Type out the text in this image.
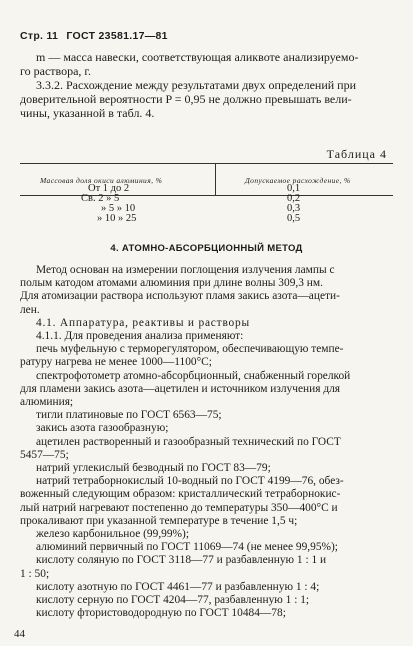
Стр. 11 ГОСТ 23581.17—81
m — масса навески, соответствующая аликвоте анализируемо-
го раствора, г.
3.3.2. Расхождение между результатами двух определений при
доверительной вероятности P = 0,95 не должно превышать вели-
чины, указанной в табл. 4.
Таблица 4
Массовая доля окиси алюминия, %	Допускаемое расхождение, %
От 1 до 2	0,1
Св. 2 » 5	0,2
» 5 » 10	0,3
» 10 » 25	0,5
4. АТОМНО-АБСОРБЦИОННЫЙ МЕТОД
Метод основан на измерении поглощения излучения лампы с
полым катодом атомами алюминия при длине волны 309,3 нм.
Для атомизации раствора используют пламя закись азота—ацети-
лен.
4.1. Аппаратура, реактивы и растворы
4.1.1. Для проведения анализа применяют:
печь муфельную с терморегулятором, обеспечивающую темпе-
ратуру нагрева не менее 1000—1100°С;
спектрофотометр атомно-абсорбционный, снабженный горелкой
для пламени закись азота—ацетилен и источником излучения для
алюминия;
тигли платиновые по ГОСТ 6563—75;
закись азота газообразную;
ацетилен растворенный и газообразный технический по ГОСТ
5457—75;
натрий углекислый безводный по ГОСТ 83—79;
натрий тетраборнокислый 10-водный по ГОСТ 4199—76, обез-
воженный следующим образом: кристаллический тетраборнокис-
лый натрий нагревают постепенно до температуры 350—400°С и
прокаливают при указанной температуре в течение 1,5 ч;
железо карбонильное (99,99%);
алюминий первичный по ГОСТ 11069—74 (не менее 99,95%);
кислоту соляную по ГОСТ 3118—77 и разбавленную 1 : 1 и
1 : 50;
кислоту азотную по ГОСТ 4461—77 и разбавленную 1 : 4;
кислоту серную по ГОСТ 4204—77, разбавленную 1 : 1;
кислоту фтористоводородную по ГОСТ 10484—78;
44
